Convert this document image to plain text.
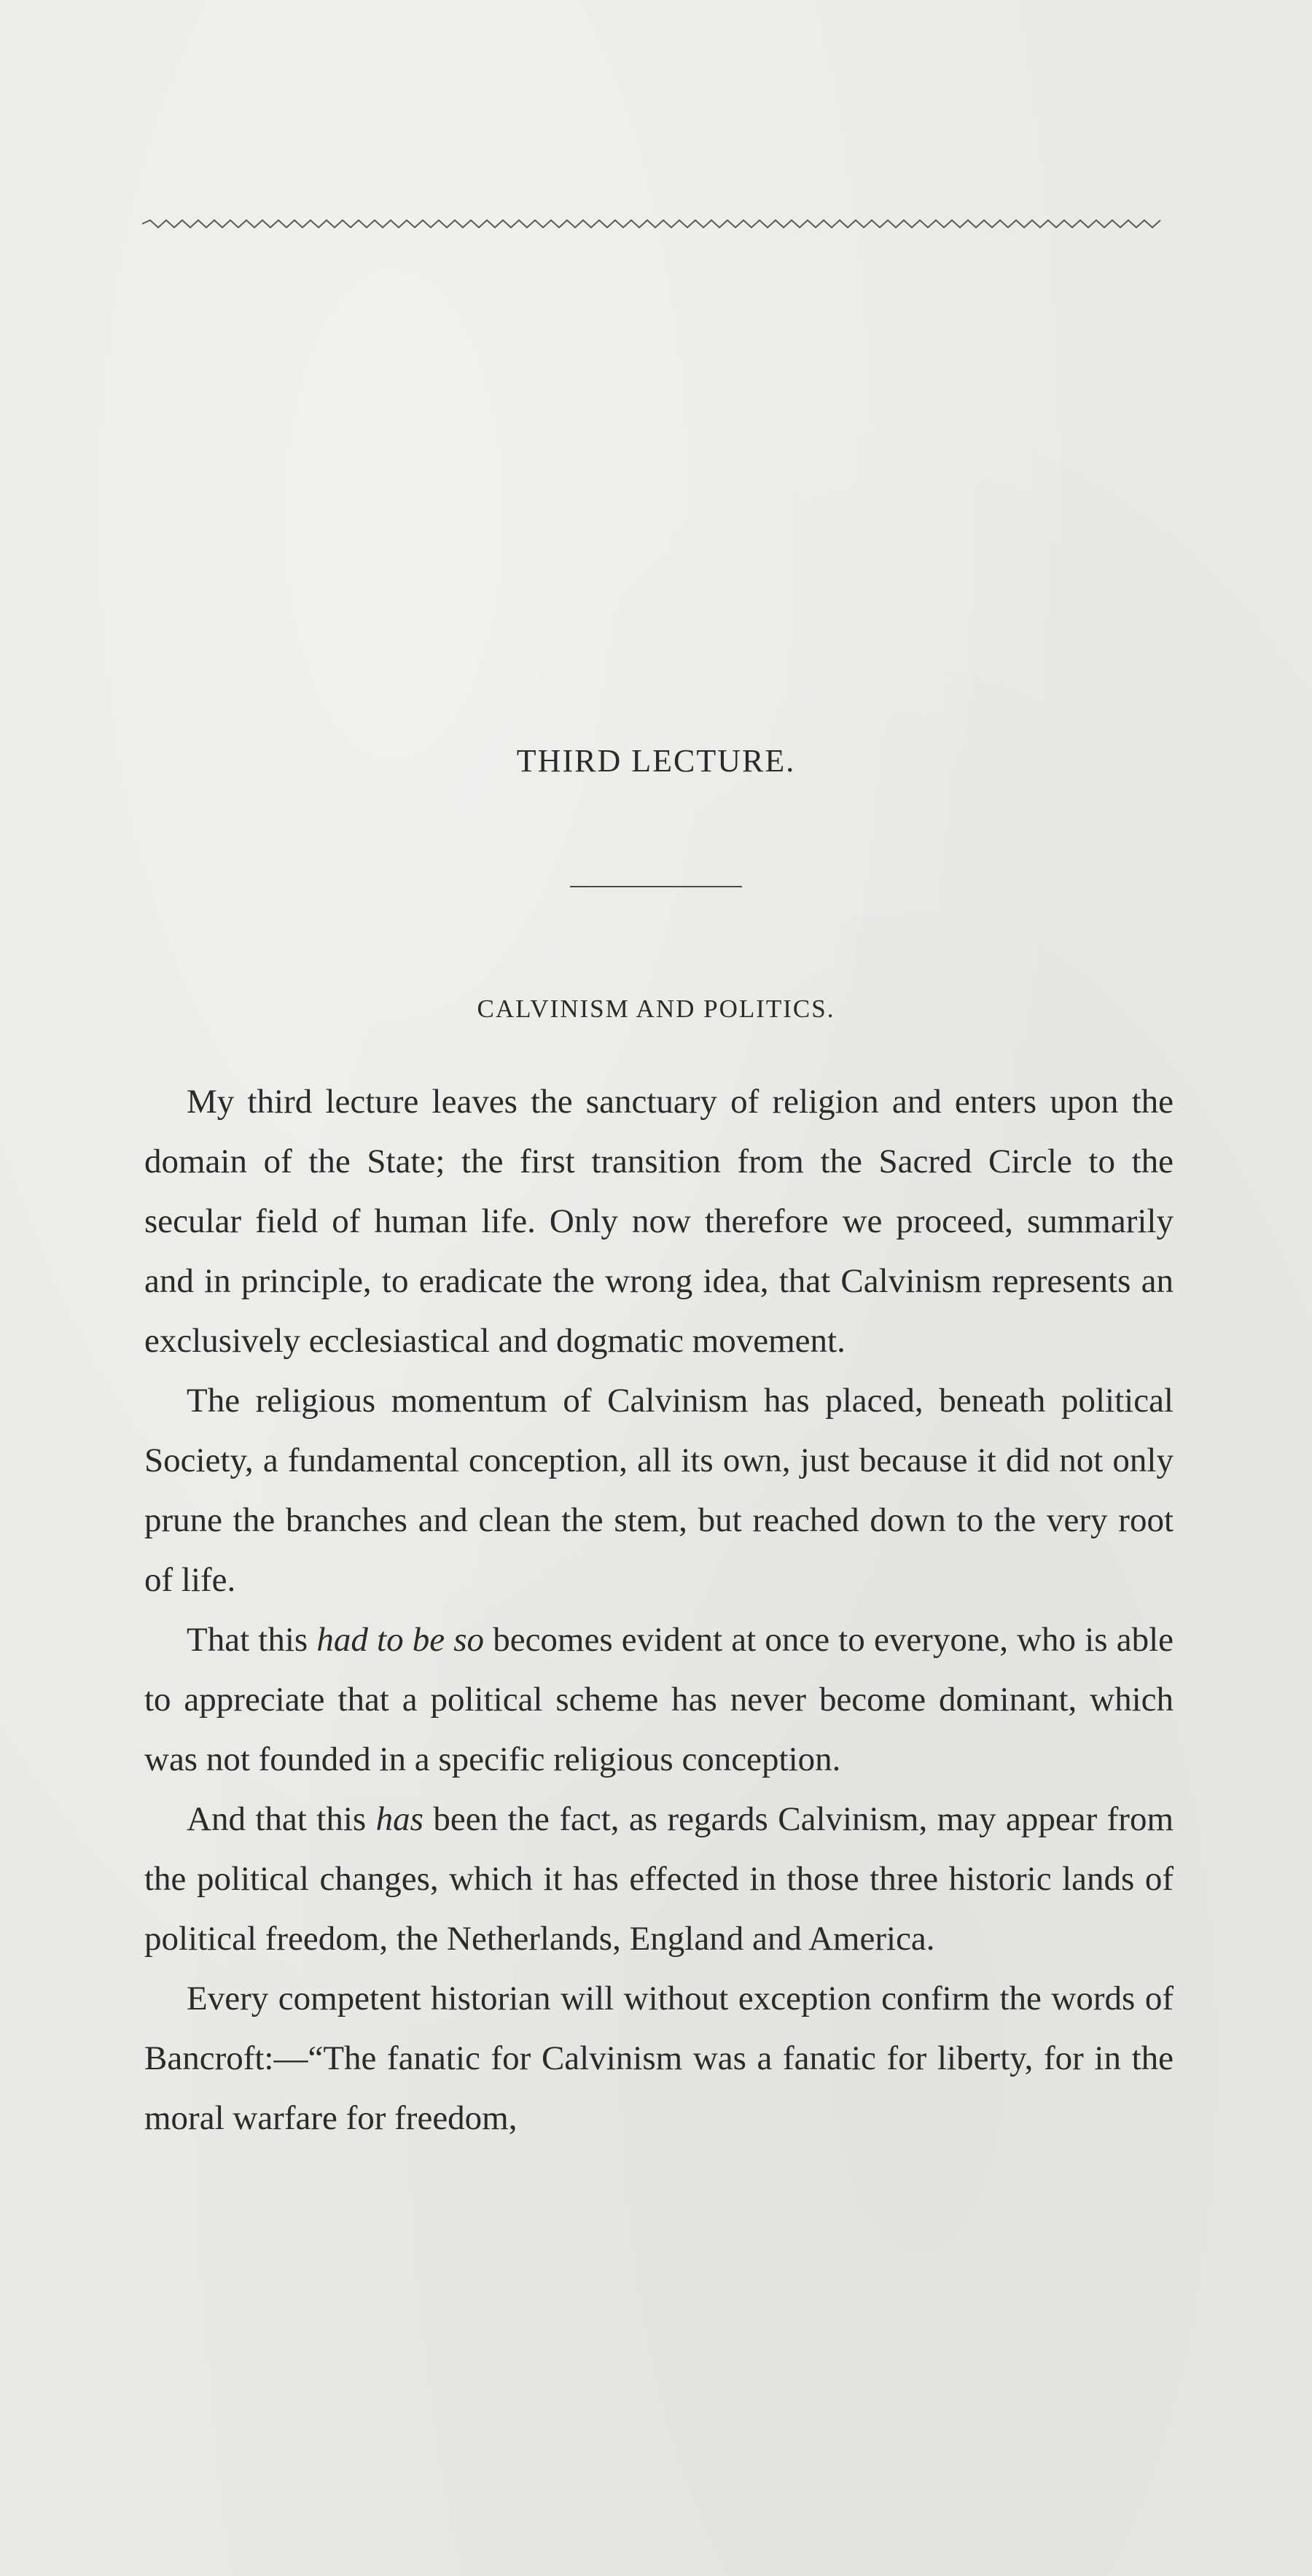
THIRD LECTURE.
CALVINISM AND POLITICS.

My third lecture leaves the sanctuary of religion and enters upon the domain of the State; the first transition from the Sacred Circle to the secular field of human life. Only now therefore we proceed, summarily and in principle, to eradicate the wrong idea, that Calvinism represents an exclusively ecclesiastical and dogmatic movement.

The religious momentum of Calvinism has placed, beneath political Society, a fundamental conception, all its own, just because it did not only prune the branches and clean the stem, but reached down to the very root of life.

That this had to be so becomes evident at once to everyone, who is able to appreciate that a political scheme has never become dominant, which was not founded in a specific religious conception.

And that this has been the fact, as regards Calvinism, may appear from the political changes, which it has effected in those three historic lands of political freedom, the Netherlands, England and America.

Every competent historian will without exception confirm the words of Bancroft:—“The fanatic for Calvinism was a fanatic for liberty, for in the moral warfare for freedom,
